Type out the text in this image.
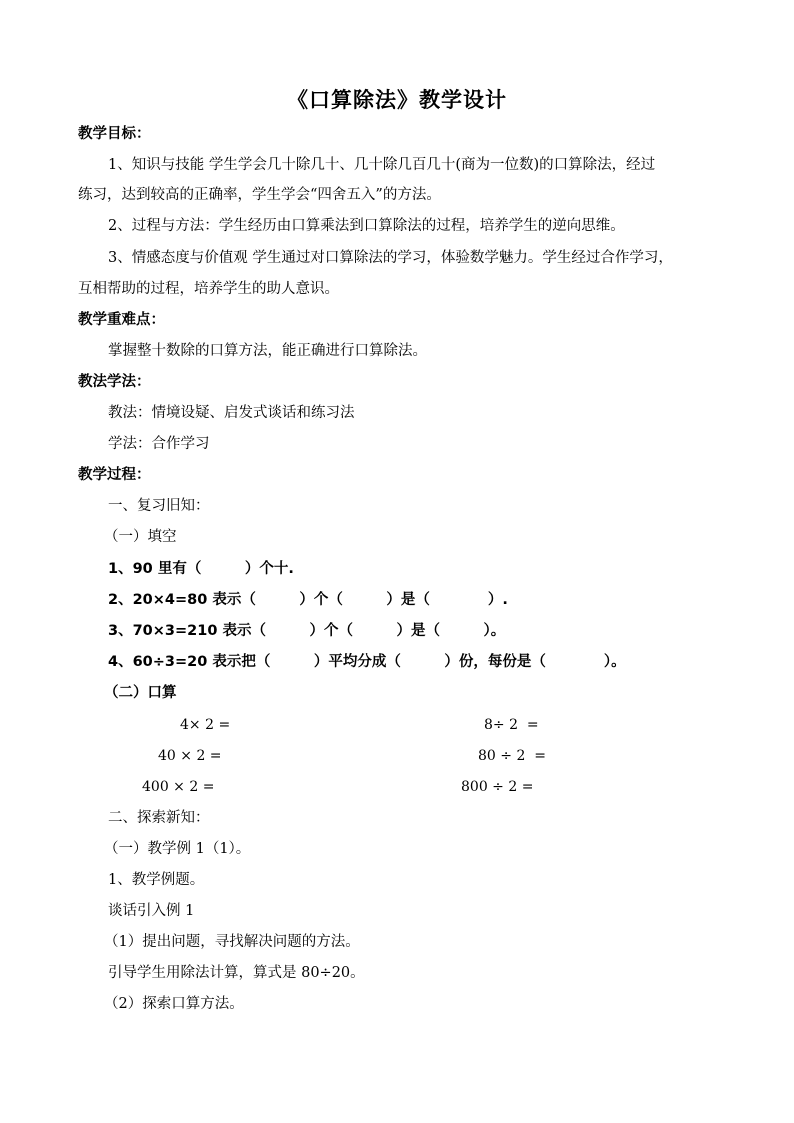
《口算除法》教学设计
教学目标：
1、知识与技能 学生学会几十除几十、几十除几百几十(商为一位数)的口算除法，经过
练习，达到较高的正确率，学生学会“四舍五入”的方法。
2、过程与方法：学生经历由口算乘法到口算除法的过程，培养学生的逆向思维。
3、情感态度与价值观 学生通过对口算除法的学习，体验数学魅力。学生经过合作学习，
互相帮助的过程，培养学生的助人意识。
教学重难点：
掌握整十数除的口算方法，能正确进行口算除法。
教法学法：
教法：情境设疑、启发式谈话和练习法
学法：合作学习
教学过程：
一、复习旧知：
（一）填空
1、90 里有（　　　）个十.
2、20×4=80 表示（　　　）个（　　　）是（　　　　）.
3、70×3=210 表示（　　　）个（　　　）是（　　　）。
4、60÷3=20 表示把（　　　）平均分成（　　　）份，每份是（　　　　）。
（二）口算
4× 2 =
40 × 2 =
400 × 2 =
8÷ 2  =
80 ÷ 2  =
800 ÷ 2 =
二、探索新知：
（一）教学例 1（1）。
1、教学例题。
谈话引入例 1
（1）提出问题，寻找解决问题的方法。
引导学生用除法计算，算式是 80÷20。
（2）探索口算方法。
